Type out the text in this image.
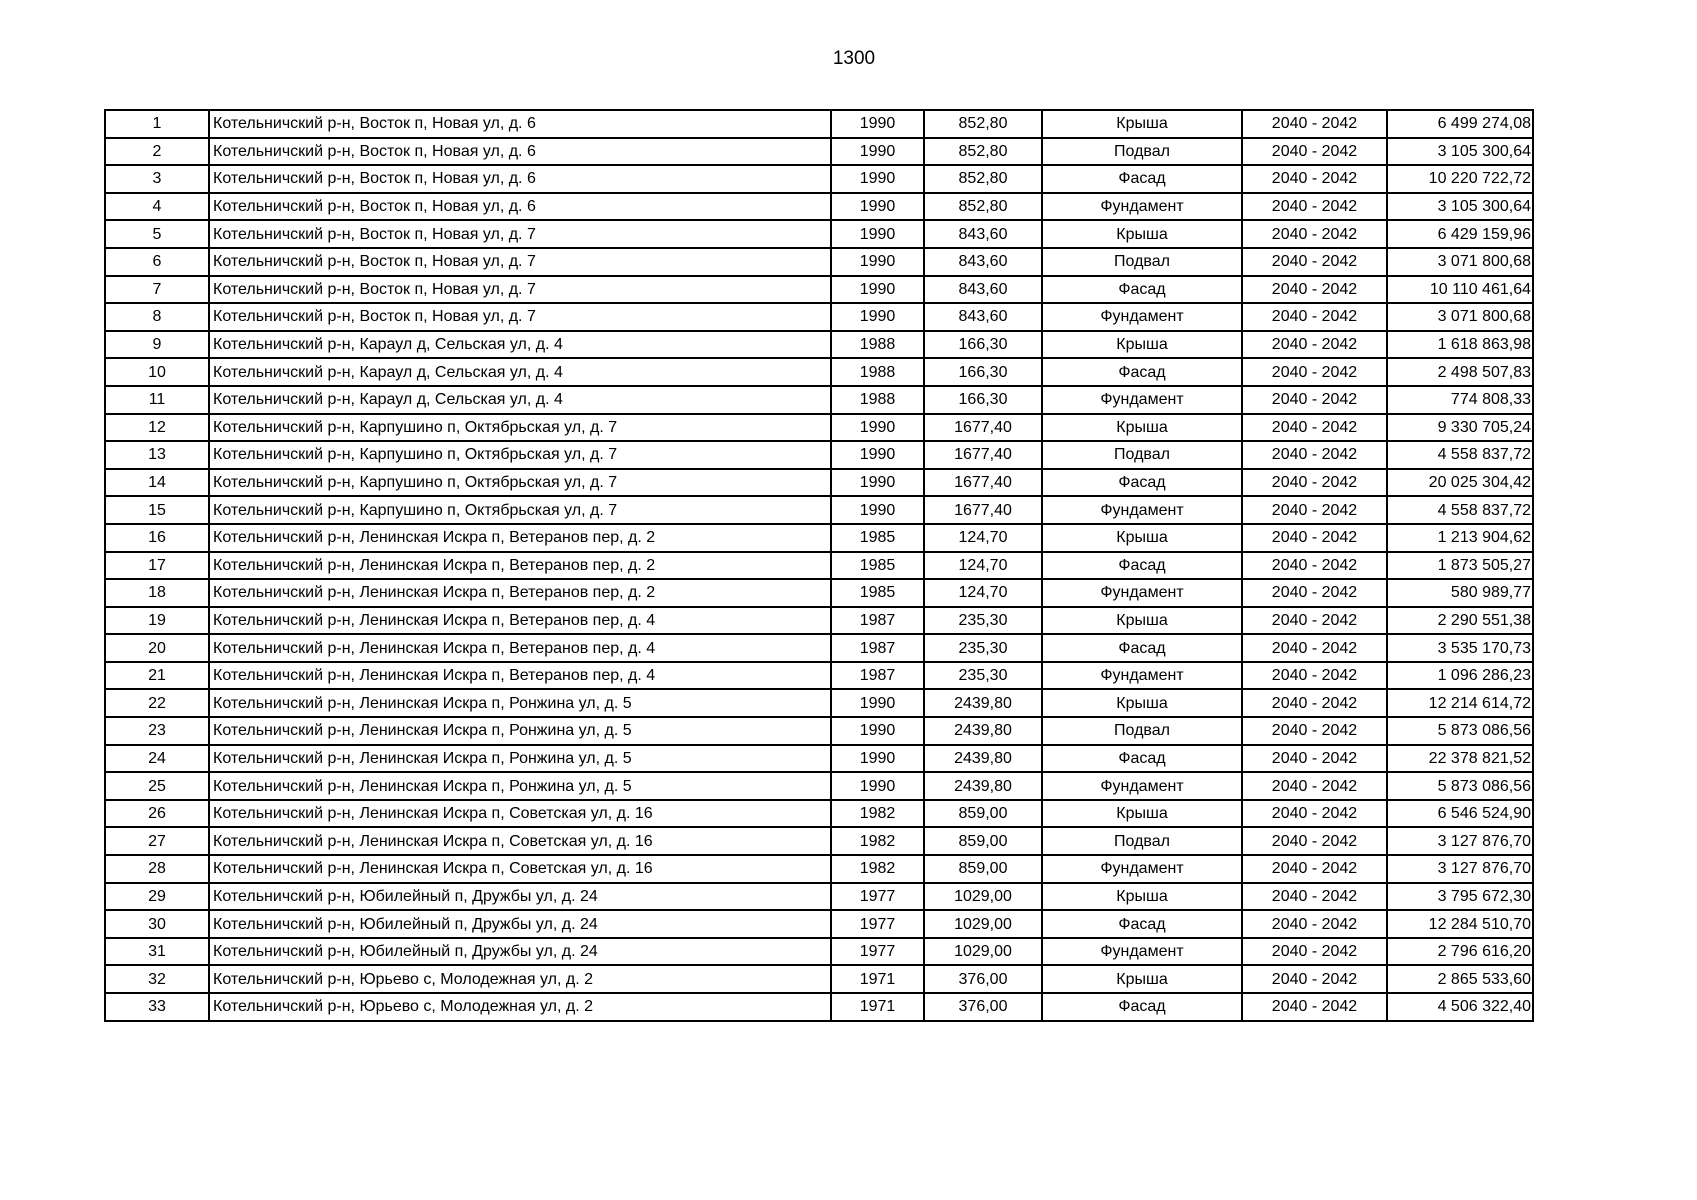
1300
1	Котельничский р-н, Восток п, Новая ул, д. 6	1990	852,80	Крыша	2040 - 2042	6 499 274,08
2	Котельничский р-н, Восток п, Новая ул, д. 6	1990	852,80	Подвал	2040 - 2042	3 105 300,64
3	Котельничский р-н, Восток п, Новая ул, д. 6	1990	852,80	Фасад	2040 - 2042	10 220 722,72
4	Котельничский р-н, Восток п, Новая ул, д. 6	1990	852,80	Фундамент	2040 - 2042	3 105 300,64
5	Котельничский р-н, Восток п, Новая ул, д. 7	1990	843,60	Крыша	2040 - 2042	6 429 159,96
6	Котельничский р-н, Восток п, Новая ул, д. 7	1990	843,60	Подвал	2040 - 2042	3 071 800,68
7	Котельничский р-н, Восток п, Новая ул, д. 7	1990	843,60	Фасад	2040 - 2042	10 110 461,64
8	Котельничский р-н, Восток п, Новая ул, д. 7	1990	843,60	Фундамент	2040 - 2042	3 071 800,68
9	Котельничский р-н, Караул д, Сельская ул, д. 4	1988	166,30	Крыша	2040 - 2042	1 618 863,98
10	Котельничский р-н, Караул д, Сельская ул, д. 4	1988	166,30	Фасад	2040 - 2042	2 498 507,83
11	Котельничский р-н, Караул д, Сельская ул, д. 4	1988	166,30	Фундамент	2040 - 2042	774 808,33
12	Котельничский р-н, Карпушино п, Октябрьская ул, д. 7	1990	1677,40	Крыша	2040 - 2042	9 330 705,24
13	Котельничский р-н, Карпушино п, Октябрьская ул, д. 7	1990	1677,40	Подвал	2040 - 2042	4 558 837,72
14	Котельничский р-н, Карпушино п, Октябрьская ул, д. 7	1990	1677,40	Фасад	2040 - 2042	20 025 304,42
15	Котельничский р-н, Карпушино п, Октябрьская ул, д. 7	1990	1677,40	Фундамент	2040 - 2042	4 558 837,72
16	Котельничский р-н, Ленинская Искра п, Ветеранов пер, д. 2	1985	124,70	Крыша	2040 - 2042	1 213 904,62
17	Котельничский р-н, Ленинская Искра п, Ветеранов пер, д. 2	1985	124,70	Фасад	2040 - 2042	1 873 505,27
18	Котельничский р-н, Ленинская Искра п, Ветеранов пер, д. 2	1985	124,70	Фундамент	2040 - 2042	580 989,77
19	Котельничский р-н, Ленинская Искра п, Ветеранов пер, д. 4	1987	235,30	Крыша	2040 - 2042	2 290 551,38
20	Котельничский р-н, Ленинская Искра п, Ветеранов пер, д. 4	1987	235,30	Фасад	2040 - 2042	3 535 170,73
21	Котельничский р-н, Ленинская Искра п, Ветеранов пер, д. 4	1987	235,30	Фундамент	2040 - 2042	1 096 286,23
22	Котельничский р-н, Ленинская Искра п, Ронжина ул, д. 5	1990	2439,80	Крыша	2040 - 2042	12 214 614,72
23	Котельничский р-н, Ленинская Искра п, Ронжина ул, д. 5	1990	2439,80	Подвал	2040 - 2042	5 873 086,56
24	Котельничский р-н, Ленинская Искра п, Ронжина ул, д. 5	1990	2439,80	Фасад	2040 - 2042	22 378 821,52
25	Котельничский р-н, Ленинская Искра п, Ронжина ул, д. 5	1990	2439,80	Фундамент	2040 - 2042	5 873 086,56
26	Котельничский р-н, Ленинская Искра п, Советская ул, д. 16	1982	859,00	Крыша	2040 - 2042	6 546 524,90
27	Котельничский р-н, Ленинская Искра п, Советская ул, д. 16	1982	859,00	Подвал	2040 - 2042	3 127 876,70
28	Котельничский р-н, Ленинская Искра п, Советская ул, д. 16	1982	859,00	Фундамент	2040 - 2042	3 127 876,70
29	Котельничский р-н, Юбилейный п, Дружбы ул, д. 24	1977	1029,00	Крыша	2040 - 2042	3 795 672,30
30	Котельничский р-н, Юбилейный п, Дружбы ул, д. 24	1977	1029,00	Фасад	2040 - 2042	12 284 510,70
31	Котельничский р-н, Юбилейный п, Дружбы ул, д. 24	1977	1029,00	Фундамент	2040 - 2042	2 796 616,20
32	Котельничский р-н, Юрьево с, Молодежная ул, д. 2	1971	376,00	Крыша	2040 - 2042	2 865 533,60
33	Котельничский р-н, Юрьево с, Молодежная ул, д. 2	1971	376,00	Фасад	2040 - 2042	4 506 322,40
